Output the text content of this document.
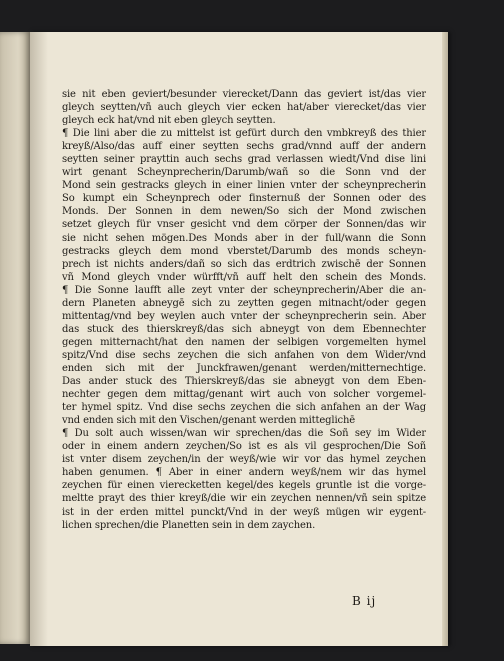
sie nit eben geviert/besunder vierecket/Dann das geviert ist/das vier
gleych seytten/vñ auch gleych vier ecken hat/aber vierecket/das vier
gleych eck hat/vnd nit eben gleych seytten.
¶ Die lini aber die zu mittelst ist gefürt durch den vmbkreyß des thier
kreyß/Also/das auff einer seytten sechs grad/vnnd auff der andern
seytten seiner prayttin auch sechs grad verlassen wiedt/Vnd dise lini
wirt genant Scheynprecherin/Darumb/wañ so die Sonn vnd der
Mond sein gestracks gleych in einer linien vnter der scheynprecherin
So kumpt ein Scheynprech oder finsternuß der Sonnen oder des
Monds. Der Sonnen in dem newen/So sich der Mond zwischen
setzet gleych für vnser gesicht vnd dem cörper der Sonnen/das wir
sie nicht sehen mögen.Des Monds aber in der full/wann die Sonn
gestracks gleych dem mond vberstet/Darumb des monds scheyn-
prech ist nichts anders/dañ so sich das erdtrich zwischē der Sonnen
vñ Mond gleych vnder würfft/vñ auff helt den schein des Monds.
¶ Die Sonne laufft alle zeyt vnter der scheynprecherin/Aber die an-
dern Planeten abneygē sich zu zeytten gegen mitnacht/oder gegen
mittentag/vnd bey weylen auch vnter der scheynprecherin sein. Aber
das stuck des thierskreyß/das sich abneygt von dem Ebennechter
gegen mitternacht/hat den namen der selbigen vorgemelten hymel
spitz/Vnd dise sechs zeychen die sich anfahen von dem Wider/vnd
enden sich mit der Junckfrawen/genant werden/mitternechtige.
Das ander stuck des Thierskreyß/das sie abneygt von dem Eben-
nechter gegen dem mittag/genant wirt auch von solcher vorgemel-
ter hymel spitz. Vnd dise sechs zeychen die sich anfahen an der Wag
vnd enden sich mit den Vischen/genant werden mitteglichē
¶ Du solt auch wissen/wan wir sprechen/das die Soñ sey im Wider
oder in einem andern zeychen/So ist es als vil gesprochen/Die Soñ
ist vnter disem zeychen/in der weyß/wie wir vor das hymel zeychen
haben genumen. ¶ Aber in einer andern weyß/nem wir das hymel
zeychen für einen vierecketten kegel/des kegels gruntle ist die vorge-
meltte prayt des thier kreyß/die wir ein zeychen nennen/vñ sein spitze
ist in der erden mittel punckt/Vnd in der weyß mügen wir eygent-
lichen sprechen/die Planetten sein in dem zaychen.
B ij
